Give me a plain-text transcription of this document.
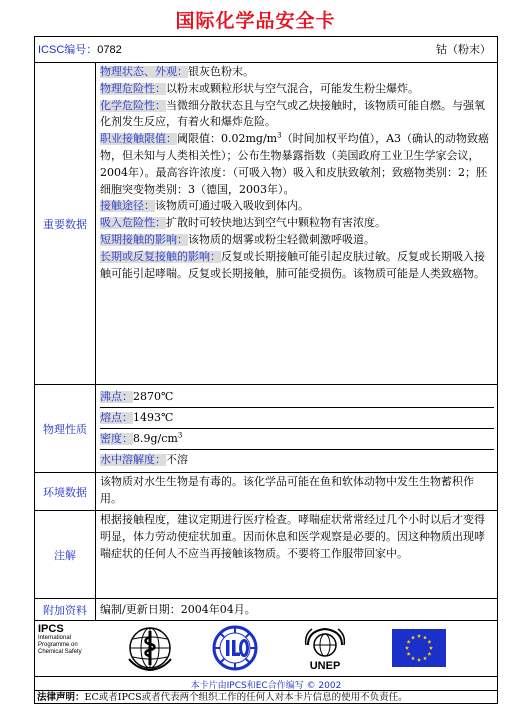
国际化学品安全卡
ICSC编号：0782	钴（粉末）
重要数据

物理状态、外观：银灰色粉末。

物理危险性：以粉末或颗粒形状与空气混合，可能发生粉尘爆炸。

化学危险性：当微细分散状态且与空气或乙炔接触时，该物质可能自燃。与强氧化剂发生反应，有着火和爆炸危险。

职业接触限值：阈限值：$0.02mg/m^3$（时间加权平均值），A3（确认的动物致癌物，但未知与人类相关性）；公布生物暴露指数（美国政府工业卫生学家会议，2004年）。最高容许浓度：（可吸入物）吸入和皮肤致敏剂；致癌物类别：2；胚细胞突变物类别：3（德国，2003年）。

接触途径：该物质可通过吸入吸收到体内。

吸入危险性：扩散时可较快地达到空气中颗粒物有害浓度。

短期接触的影响：该物质的烟雾或粉尘轻微刺激呼吸道。

长期或反复接触的影响：反复或长期接触可能引起皮肤过敏。反复或长期吸入接触可能引起哮喘。反复或长期接触，肺可能受损伤。该物质可能是人类致癌物。

物理性质

沸点：2870℃

熔点：1493℃

密度：$8.9g/cm^3$

水中溶解度：不溶

环境数据
该物质对水生生物是有毒的。该化学品可能在鱼和软体动物中发生生物蓄积作用。
注解
根据接触程度，建议定期进行医疗检查。哮喘症状常常经过几个小时以后才变得明显，体力劳动使症状加重。因而休息和医学观察是必要的。因这种物质出现哮喘症状的任何人不应当再接触该物质。不要将工作服带回家中。
附加资料	编制/更新日期：2004年04月。
IPCS
International
Programme on
Chemical Safety
UNEP
本卡片由IPCS和EC合作编写 © 2002
法律声明：EC或者IPCS或者代表两个组织工作的任何人对本卡片信息的使用不负责任。
